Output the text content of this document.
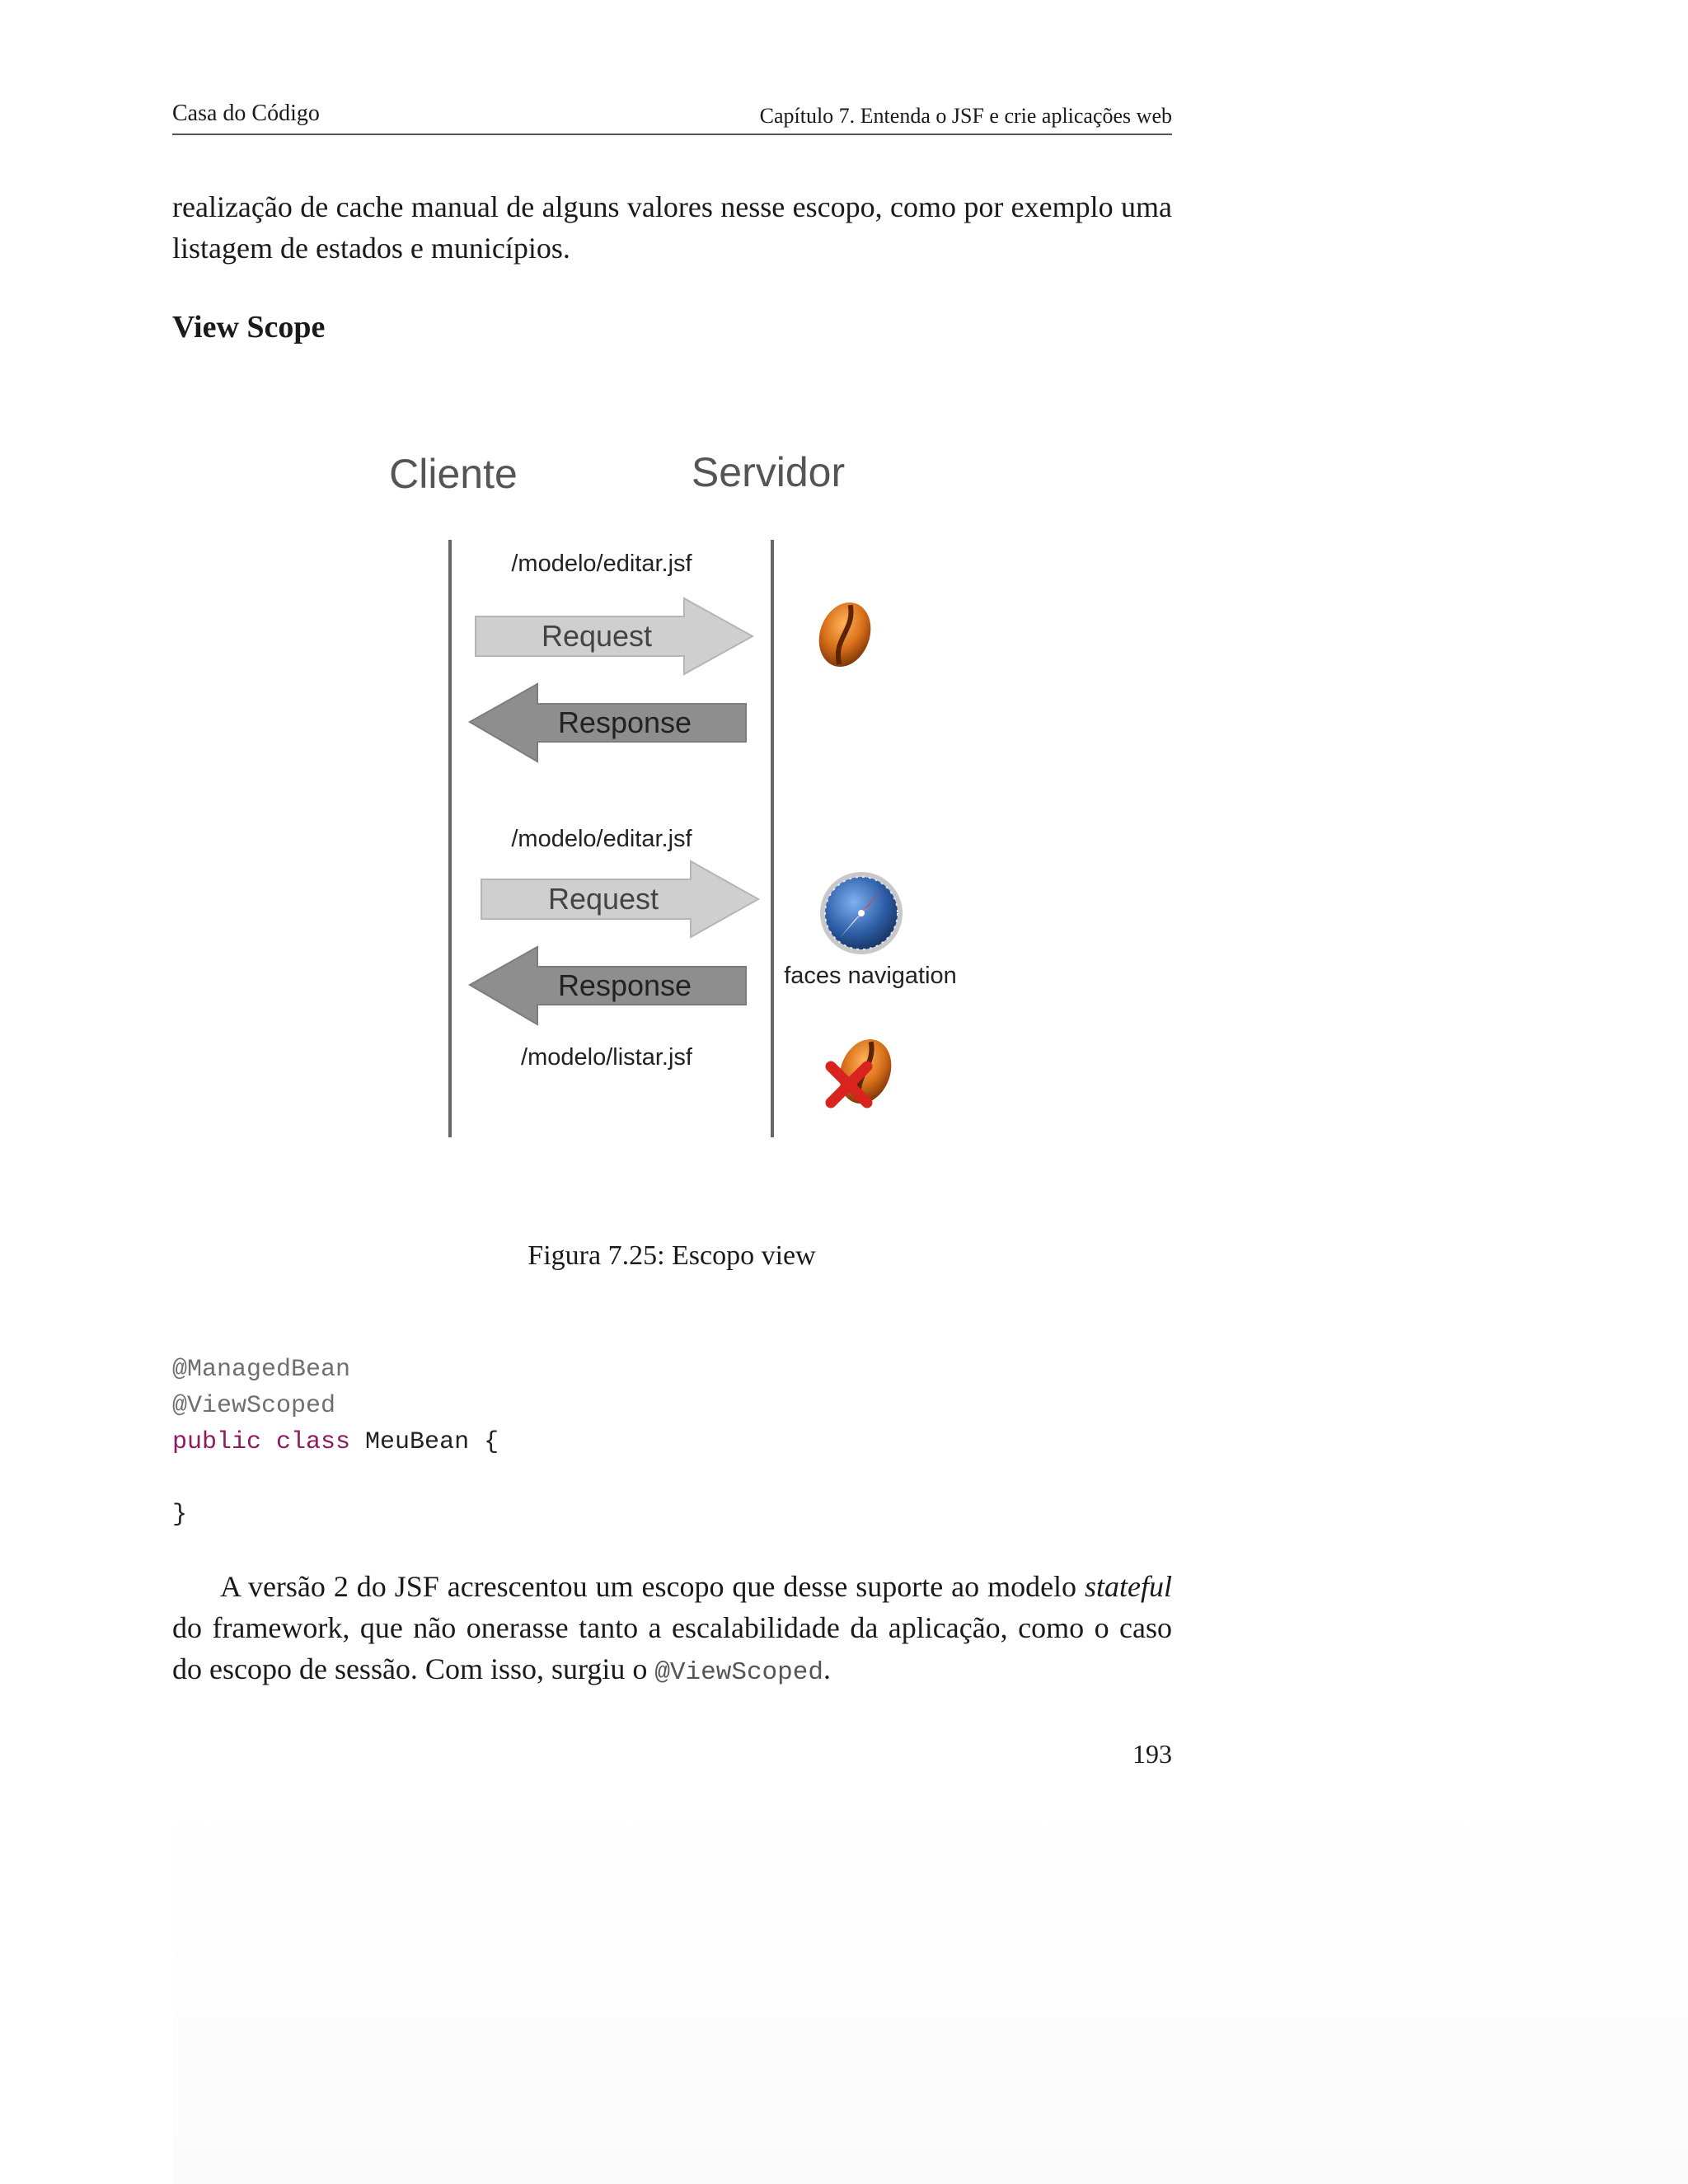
Casa do Código	Capítulo 7. Entenda o JSF e crie aplicações web
realização de cache manual de alguns valores nesse escopo, como por exemplo uma listagem de estados e municípios.
View Scope
Cliente	Servidor
/modelo/editar.jsf
Request
Response
/modelo/editar.jsf
Request
Response	faces navigation
/modelo/listar.jsf
Figura 7.25: Escopo view
@ManagedBean
@ViewScoped
public class MeuBean {

}
A versão 2 do JSF acrescentou um escopo que desse suporte ao modelo stateful do framework, que não onerasse tanto a escalabilidade da aplicação, como o caso do escopo de sessão. Com isso, surgiu o @ViewScoped.
193
